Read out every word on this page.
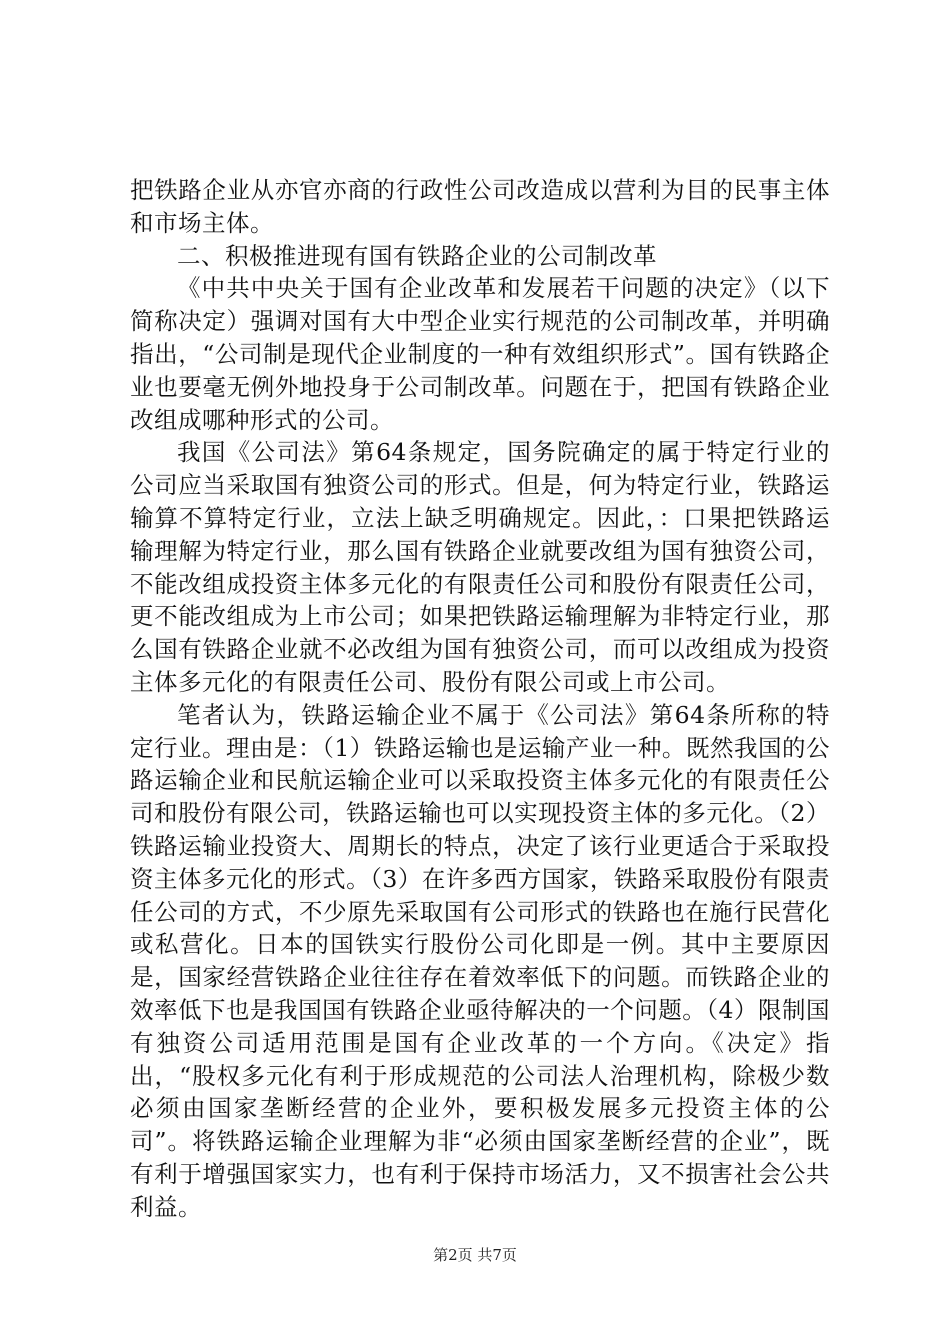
把铁路企业从亦官亦商的行政性公司改造成以营利为目的民事主体和市场主体。

二、积极推进现有国有铁路企业的公司制改革

《中共中央关于国有企业改革和发展若干问题的决定》（以下简称决定）强调对国有大中型企业实行规范的公司制改革，并明确指出，“公司制是现代企业制度的一种有效组织形式”。国有铁路企业也要毫无例外地投身于公司制改革。问题在于，把国有铁路企业改组成哪种形式的公司。

我国《公司法》第64条规定，国务院确定的属于特定行业的公司应当采取国有独资公司的形式。但是，何为特定行业，铁路运输算不算特定行业，立法上缺乏明确规定。因此，：口果把铁路运输理解为特定行业，那么国有铁路企业就要改组为国有独资公司，不能改组成投资主体多元化的有限责任公司和股份有限责任公司，更不能改组成为上市公司；如果把铁路运输理解为非特定行业，那么国有铁路企业就不必改组为国有独资公司，而可以改组成为投资主体多元化的有限责任公司、股份有限公司或上市公司。

笔者认为，铁路运输企业不属于《公司法》第64条所称的特定行业。理由是：（1）铁路运输也是运输产业一种。既然我国的公路运输企业和民航运输企业可以采取投资主体多元化的有限责任公司和股份有限公司，铁路运输也可以实现投资主体的多元化。（2）铁路运输业投资大、周期长的特点，决定了该行业更适合于采取投资主体多元化的形式。（3）在许多西方国家，铁路采取股份有限责任公司的方式，不少原先采取国有公司形式的铁路也在施行民营化或私营化。日本的国铁实行股份公司化即是一例。其中主要原因是，国家经营铁路企业往往存在着效率低下的问题。而铁路企业的效率低下也是我国国有铁路企业亟待解决的一个问题。（4）限制国有独资公司适用范围是国有企业改革的一个方向。《决定》指出，“股权多元化有利于形成规范的公司法人治理机构，除极少数必须由国家垄断经营的企业外，要积极发展多元投资主体的公司”。将铁路运输企业理解为非“必须由国家垄断经营的企业”，既有利于增强国家实力，也有利于保持市场活力，又不损害社会公共利益。

第2页 共7页
